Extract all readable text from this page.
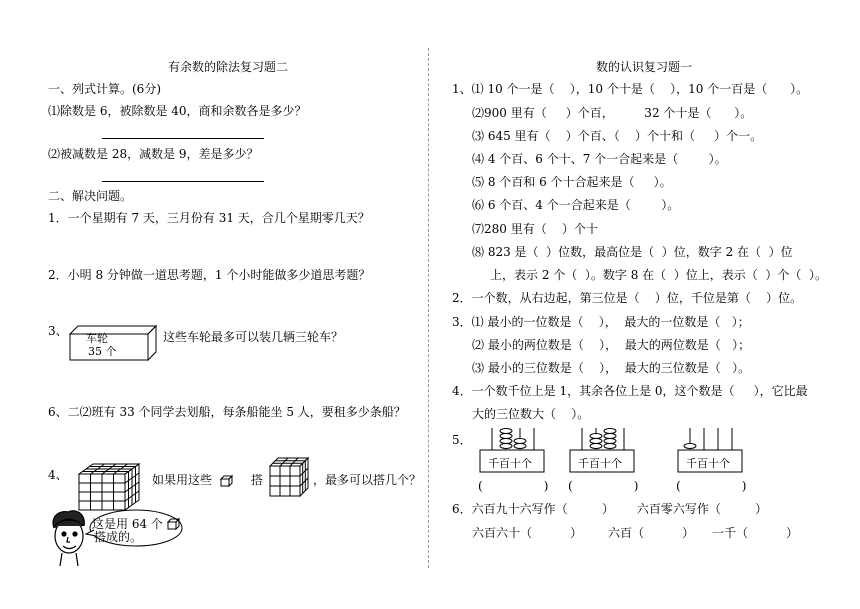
有余数的除法复习题二
一、列式计算。(6分)
⑴除数是 6，被除数是 40，商和余数各是多少？
⑵被减数是 28，减数是 9，差是多少？
二、解决问题。
1．一个星期有 7 天，三月份有 31 天，合几个星期零几天？
2．小明 8 分钟做一道思考题，1 个小时能做多少道思考题？
3、
车轮
35 个
这些车轮最多可以装几辆三轮车？
6、二⑵班有 33 个同学去划船，每条船能坐 5 人，要租多少条船？
4、	如果用这些	搭	，最多可以搭几个？
这是用 64 个
搭成的。
数的认识复习题一
1、⑴ 10 个一是（    ），10 个十是（    ），10 个一百是（      ）。
⑵900 里有（     ）个百，        32 个十是（      ）。
⑶ 645 里有（    ）个百、（    ）个十和（     ）个一。
⑷ 4 个百、6 个十、7 个一合起来是（        ）。
⑸ 8 个百和 6 个十合起来是（     ）。
⑹ 6 个百、4 个一合起来是（        ）。
⑺280 里有（    ）个十
⑻ 823 是（  ）位数，最高位是（  ）位，数字 2 在（  ）位
上，表示 2 个（  ）。数字 8 在（  ）位上，表示（  ）个（  ）。
2．一个数，从右边起，第三位是（    ）位，千位是第（    ）位。
3．⑴ 最小的一位数是（    ），  最大的一位数是（   ）；
⑵ 最小的两位数是（    ），  最大的两位数是（   ）；
⑶ 最小的三位数是（    ），  最大的三位数是（   ）。
4．一个数千位上是 1，其余各位上是 0，这个数是（     ），它比最
大的三位数大（    ）。
5．
千百十个
(                )
千百十个
(                )
千百十个
(                )
6．六百九十六写作（         ）      六百零六写作（         ）
六百六十（          ） 六百（          ） 一千（          ）
